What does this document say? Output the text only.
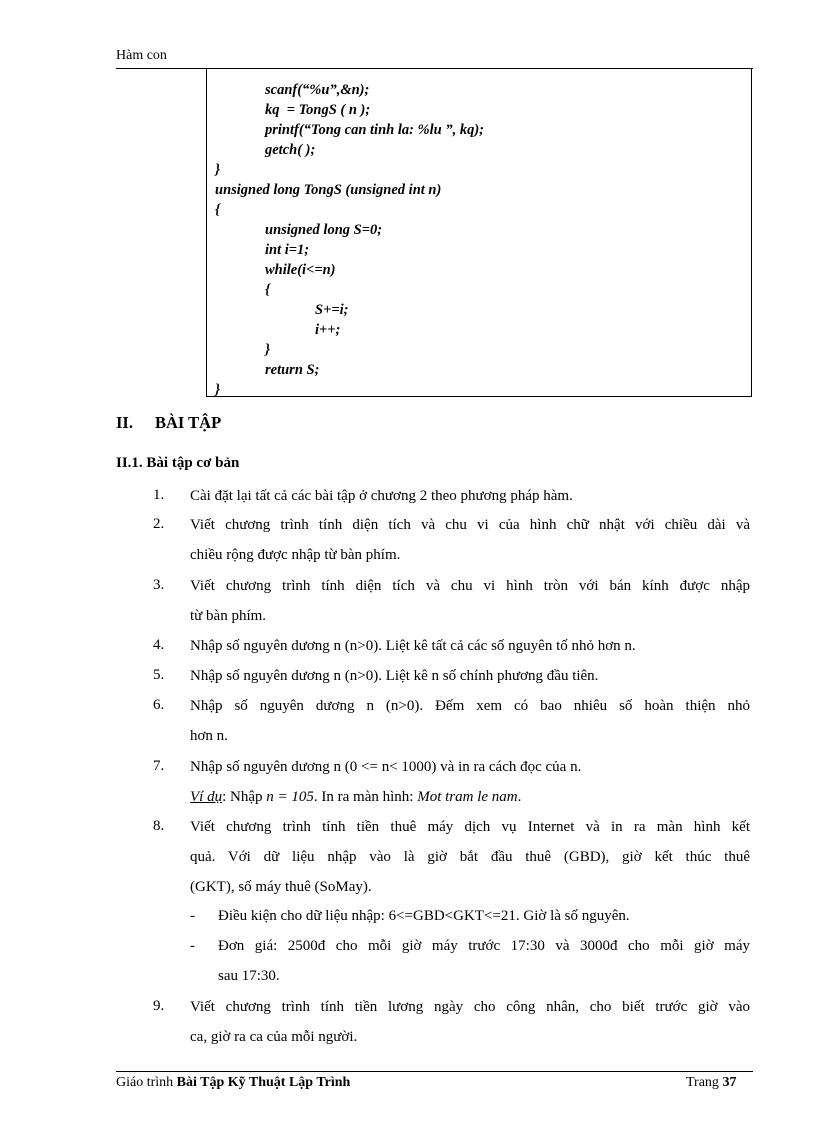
Hàm con
scanf(“%u”,&n);
kq  = TongS ( n );
printf(“Tong can tinh la: %lu ”, kq);
getch( );
}
unsigned long TongS (unsigned int n)
{
unsigned long S=0;
int i=1;
while(i<=n)
{
S+=i;
i++;
}
return S;
}
II. BÀI TẬP
II.1. Bài tập cơ bản
1. Cài đặt lại tất cả các bài tập ở chương 2 theo phương pháp hàm.
2. Viết chương trình tính diện tích và chu vi của hình chữ nhật với chiều dài và
chiều rộng được nhập từ bàn phím.
3. Viết chương trình tính diện tích và chu vi hình tròn với bán kính được nhập
từ bàn phím.
4. Nhập số nguyên dương n (n>0). Liệt kê tất cả các số nguyên tố nhỏ hơn n.
5. Nhập số nguyên dương n (n>0). Liệt kê n số chính phương đầu tiên.
6. Nhập số nguyên dương n (n>0). Đếm xem có bao nhiêu số hoàn thiện nhỏ
hơn n.
7. Nhập số nguyên dương n (0 <= n< 1000) và in ra cách đọc của n.
Ví dụ: Nhập n = 105. In ra màn hình: Mot tram le nam.
8. Viết chương trình tính tiền thuê máy dịch vụ Internet và in ra màn hình kết
quả. Với dữ liệu nhập vào là giờ bắt đầu thuê (GBD), giờ kết thúc thuê
(GKT), số máy thuê (SoMay).
- Điều kiện cho dữ liệu nhập: 6<=GBD<GKT<=21. Giờ là số nguyên.
- Đơn giá: 2500đ cho mỗi giờ máy trước 17:30 và 3000đ cho mỗi giờ máy
sau 17:30.
9. Viết chương trình tính tiền lương ngày cho công nhân, cho biết trước giờ vào
ca, giờ ra ca của mỗi người.
Giáo trình Bài Tập Kỹ Thuật Lập Trình	Trang 37
